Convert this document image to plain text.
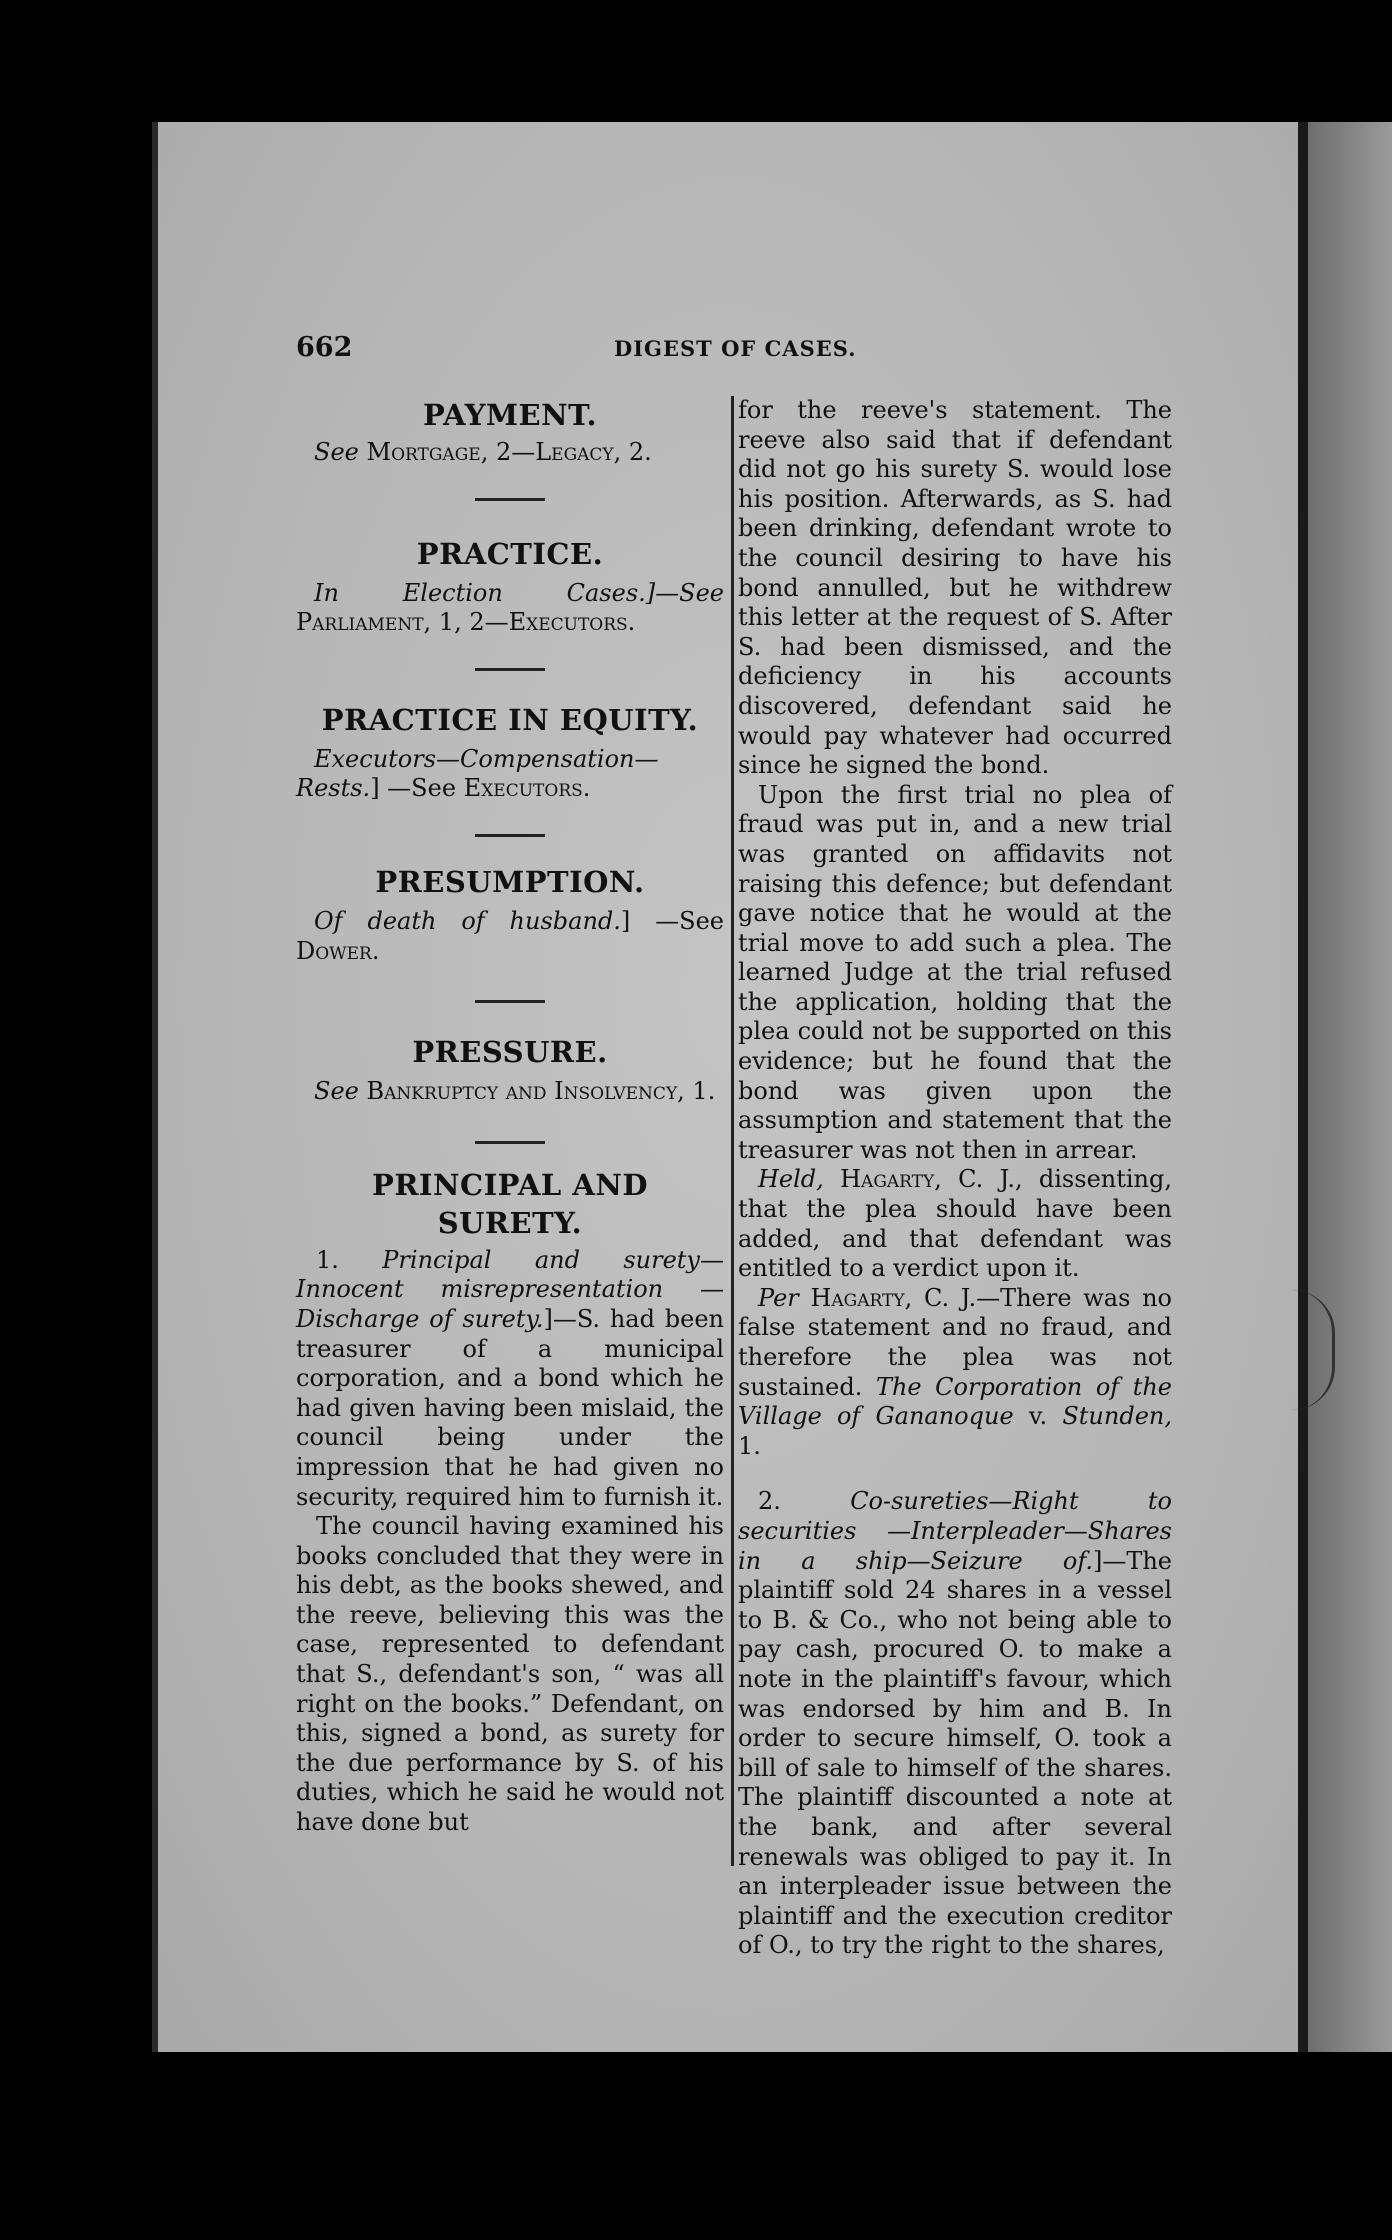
662	DIGEST OF CASES.
PAYMENT.

See Mortgage, 2—Legacy, 2.

PRACTICE.

In Election Cases.]—See Parliament, 1, 2—Executors.

PRACTICE IN EQUITY.

Executors—Compensation—Rests.] —See Executors.

PRESUMPTION.

Of death of husband.] —See Dower.

PRESSURE.

See Bankruptcy and Insolvency, 1.

PRINCIPAL AND SURETY.

1. Principal and surety—Innocent misrepresentation —Discharge of surety.]—S. had been treasurer of a municipal corporation, and a bond which he had given having been mislaid, the council being under the impression that he had given no security, required him to furnish it.

The council having examined his books concluded that they were in his debt, as the books shewed, and the reeve, believing this was the case, represented to defendant that S., defendant's son, “ was all right on the books.” Defendant, on this, signed a bond, as surety for the due performance by S. of his duties, which he said he would not have done but

for the reeve's statement. The reeve also said that if defendant did not go his surety S. would lose his position. Afterwards, as S. had been drinking, defendant wrote to the council desiring to have his bond annulled, but he withdrew this letter at the request of S. After S. had been dismissed, and the deficiency in his accounts discovered, defendant said he would pay whatever had occurred since he signed the bond.

Upon the first trial no plea of fraud was put in, and a new trial was granted on affidavits not raising this defence; but defendant gave notice that he would at the trial move to add such a plea. The learned Judge at the trial refused the application, holding that the plea could not be supported on this evidence; but he found that the bond was given upon the assumption and statement that the treasurer was not then in arrear.

Held, Hagarty, C. J., dissenting, that the plea should have been added, and that defendant was entitled to a verdict upon it.

Per Hagarty, C. J.—There was no false statement and no fraud, and therefore the plea was not sustained. The Corporation of the Village of Gananoque v. Stunden, 1.

2.	Co-sureties—Right to securities —Interpleader—Shares in a ship—Seizure of.]—The plaintiff sold 24 shares in a vessel to B. & Co., who not being able to pay cash, procured O. to make a note in the plaintiff's favour, which was endorsed by him and B. In order to secure himself, O. took a bill of sale to himself of the shares. The plaintiff discounted a note at the bank, and after several renewals was obliged to pay it. In an interpleader issue between the plaintiff and the execution creditor of O., to try the right to the shares,
